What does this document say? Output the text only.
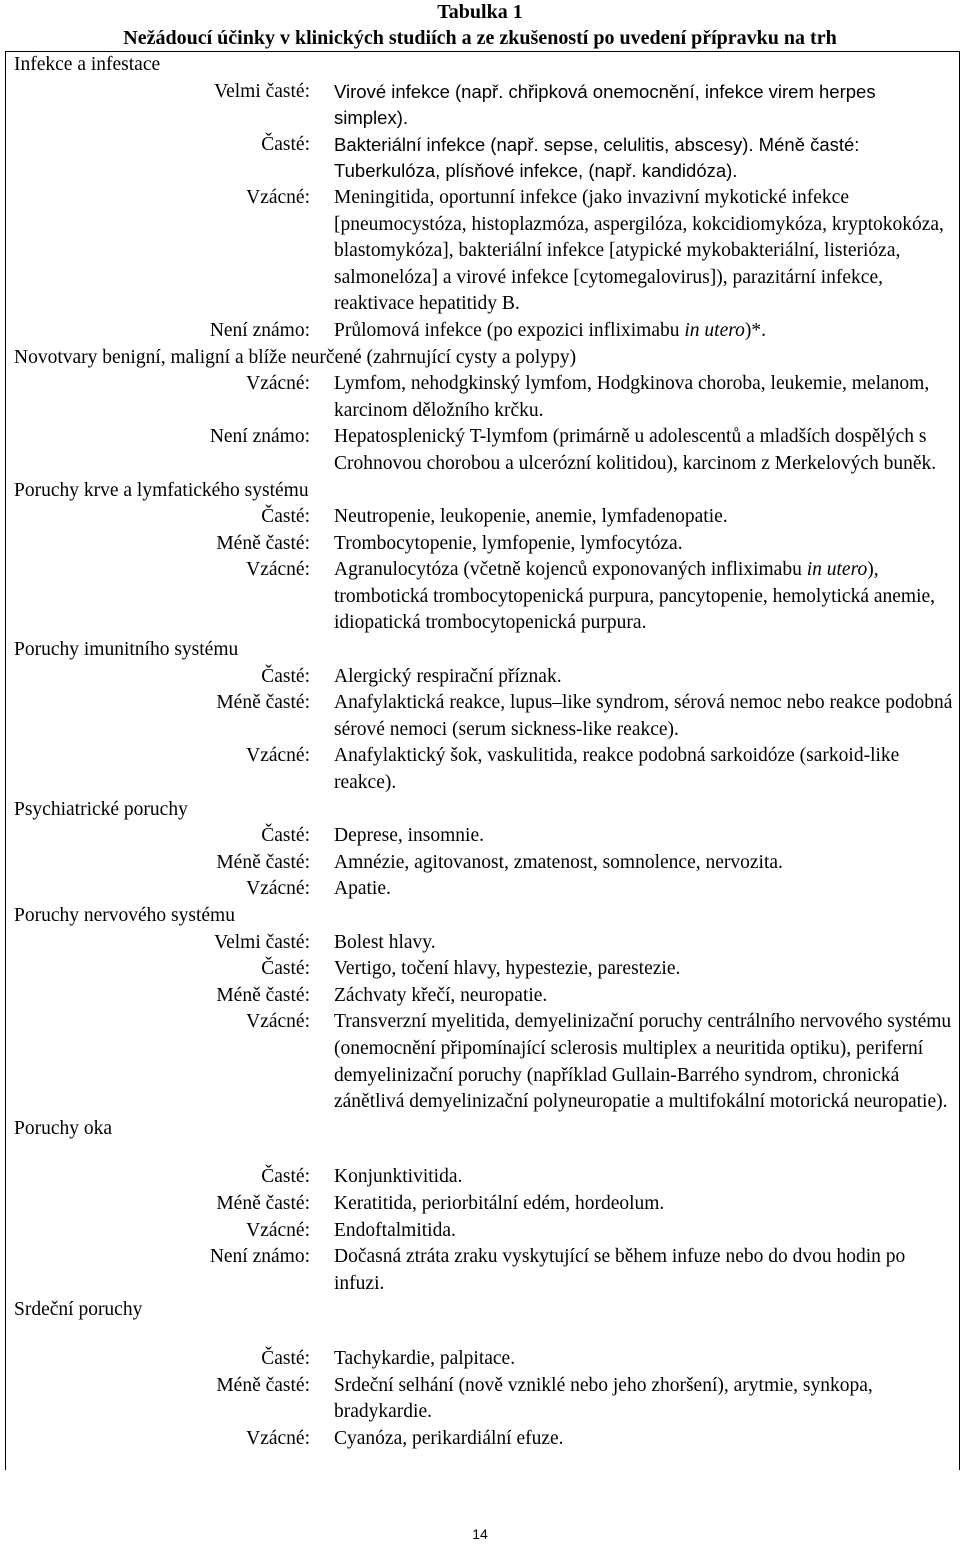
Tabulka 1
Nežádoucí účinky v klinických studiích a ze zkušeností po uvedení přípravku na trh
Infekce a infestace
Velmi časté: Virové infekce (např. chřipková onemocnění, infekce virem herpes simplex).
Časté: Bakteriální infekce (např. sepse, celulitis, abscesy). Méně časté: Tuberkulóza, plísňové infekce, (např. kandidóza).
Vzácné: Meningitida, oportunní infekce (jako invazivní mykotické infekce [pneumocystóza, histoplazmóza, aspergilóza, kokcidiomykóza, kryptokokóza, blastomykóza], bakteriální infekce [atypické mykobakteriální, listerióza, salmonelóza] a virové infekce [cytomegalovirus]), parazitární infekce, reaktivace hepatitidy B.
Není známo: Průlomová infekce (po expozici infliximabu in utero)*.
Novotvary benigní, maligní a blíže neurčené (zahrnující cysty a polypy)
Vzácné: Lymfom, nehodgkinský lymfom, Hodgkinova choroba, leukemie, melanom, karcinom děložního krčku.
Není známo: Hepatosplenický T-lymfom (primárně u adolescentů a mladších dospělých s Crohnovou chorobou a ulcerózní kolitidou), karcinom z Merkelových buněk.
Poruchy krve a lymfatického systému
Časté: Neutropenie, leukopenie, anemie, lymfadenopatie.
Méně časté: Trombocytopenie, lymfopenie, lymfocytóza.
Vzácné: Agranulocytóza (včetně kojenců exponovaných infliximabu in utero), trombotická trombocytopenická purpura, pancytopenie, hemolytická anemie, idiopatická trombocytopenická purpura.
Poruchy imunitního systému
Časté: Alergický respirační příznak.
Méně časté: Anafylaktická reakce, lupus–like syndrom, sérová nemoc nebo reakce podobná sérové nemoci (serum sickness-like reakce).
Vzácné: Anafylaktický šok, vaskulitida, reakce podobná sarkoidóze (sarkoid-like reakce).
Psychiatrické poruchy
Časté: Deprese, insomnie.
Méně časté: Amnézie, agitovanost, zmatenost, somnolence, nervozita.
Vzácné: Apatie.
Poruchy nervového systému
Velmi časté: Bolest hlavy.
Časté: Vertigo, točení hlavy, hypestezie, parestezie.
Méně časté: Záchvaty křečí, neuropatie.
Vzácné: Transverzní myelitida, demyelinizační poruchy centrálního nervového systému (onemocnění připomínající sclerosis multiplex a neuritida optiku), periferní demyelinizační poruchy (například Gullain-Barrého syndrom, chronická zánětlivá demyelinizační polyneuropatie a multifokální motorická neuropatie).
Poruchy oka
Časté: Konjunktivitida.
Méně časté: Keratitida, periorbitální edém, hordeolum.
Vzácné: Endoftalmitida.
Není známo: Dočasná ztráta zraku vyskytující se během infuze nebo do dvou hodin po infuzi.
Srdeční poruchy
Časté: Tachykardie, palpitace.
Méně časté: Srdeční selhání (nově vzniklé nebo jeho zhoršení), arytmie, synkopa, bradykardie.
Vzácné: Cyanóza, perikardiální efuze.
14
